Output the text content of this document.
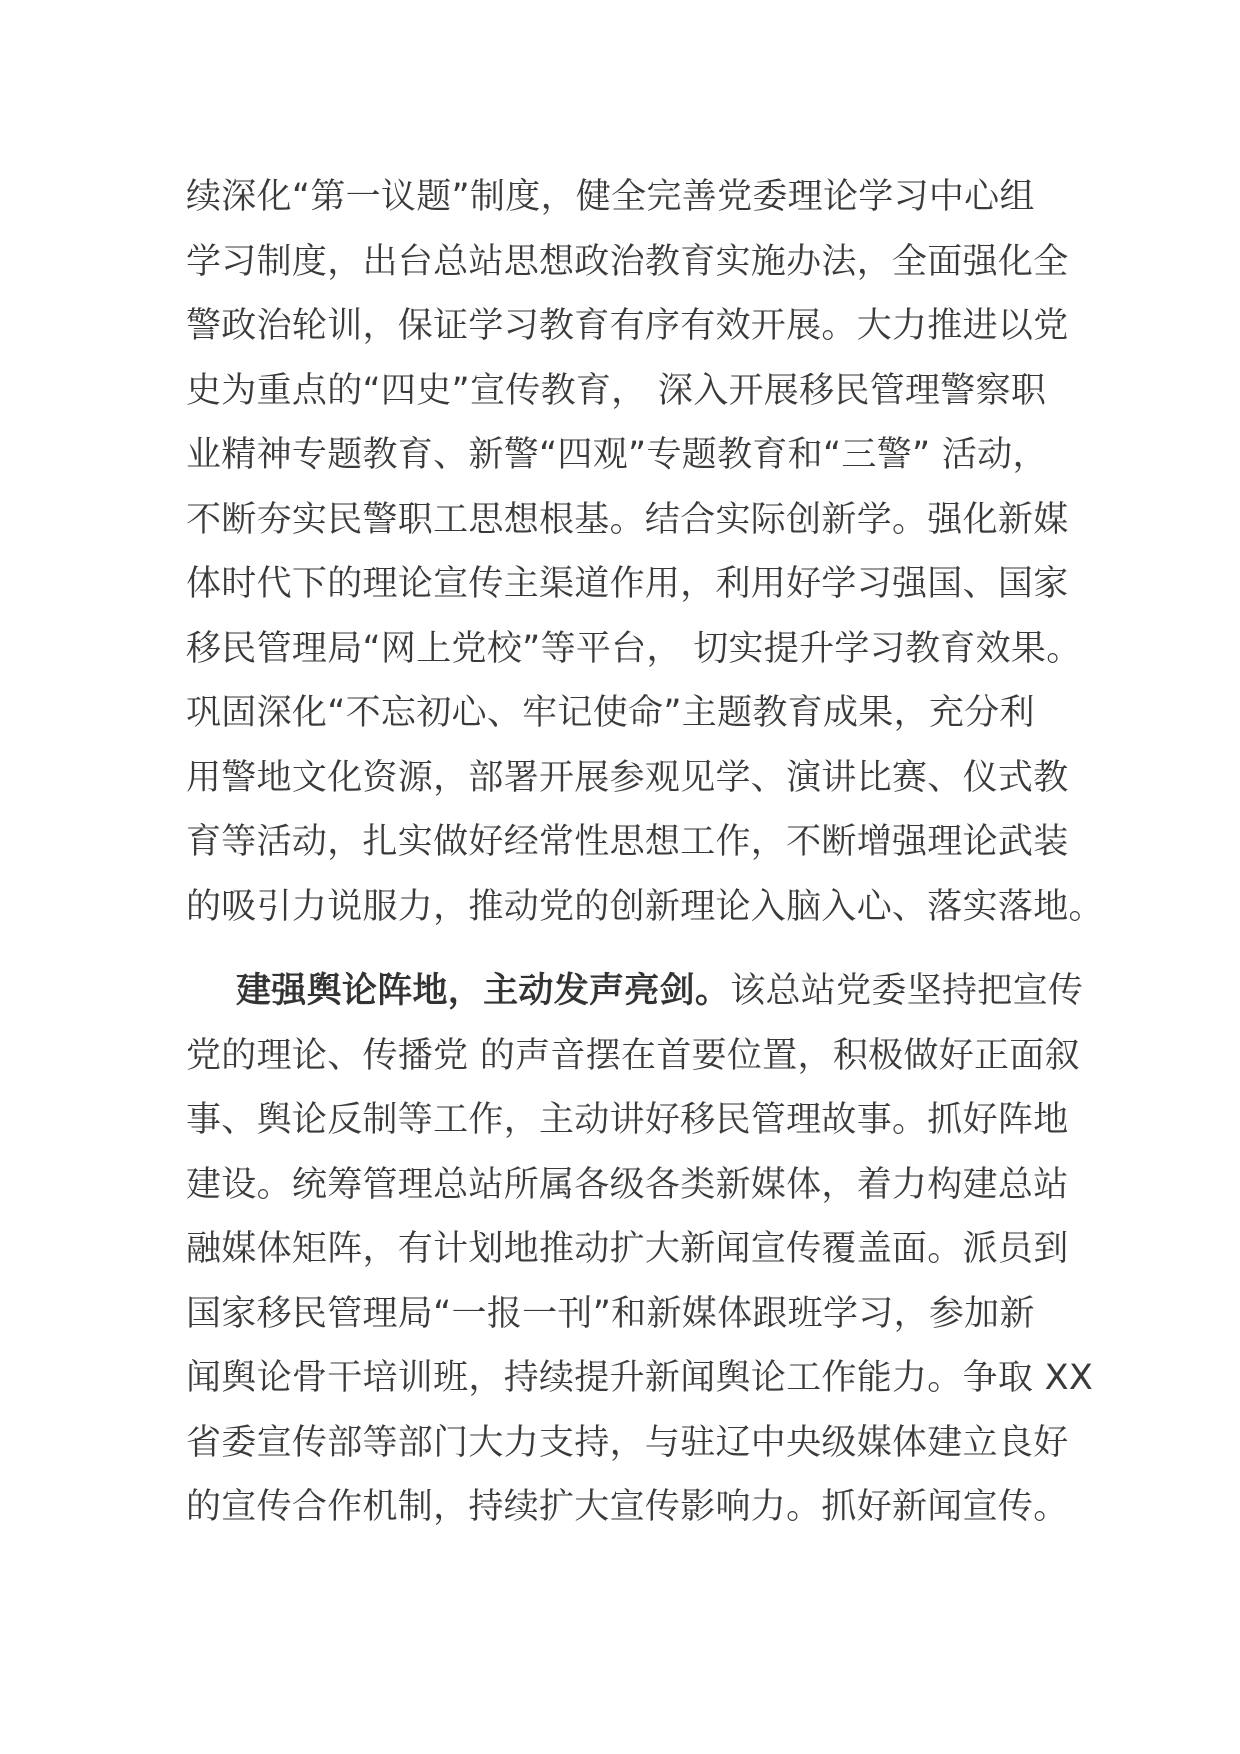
续深化“第一议题”制度，健全完善党委理论学习中心组
学习制度，出台总站思想政治教育实施办法，全面强化全
警政治轮训，保证学习教育有序有效开展。大力推进以党
史为重点的“四史”宣传教育， 深入开展移民管理警察职
业精神专题教育、新警“四观”专题教育和“三警” 活动，
不断夯实民警职工思想根基。结合实际创新学。强化新媒
体时代下的理论宣传主渠道作用，利用好学习强国、国家
移民管理局“网上党校”等平台， 切实提升学习教育效果。
巩固深化“不忘初心、牢记使命”主题教育成果，充分利
用警地文化资源，部署开展参观见学、演讲比赛、仪式教
育等活动，扎实做好经常性思想工作，不断增强理论武装
的吸引力说服力，推动党的创新理论入脑入心、落实落地。
建强舆论阵地，主动发声亮剑。该总站党委坚持把宣传
党的理论、传播党 的声音摆在首要位置，积极做好正面叙
事、舆论反制等工作，主动讲好移民管理故事。抓好阵地
建设。统筹管理总站所属各级各类新媒体，着力构建总站
融媒体矩阵，有计划地推动扩大新闻宣传覆盖面。派员到
国家移民管理局“一报一刊”和新媒体跟班学习，参加新
闻舆论骨干培训班，持续提升新闻舆论工作能力。争取 XX
省委宣传部等部门大力支持，与驻辽中央级媒体建立良好
的宣传合作机制，持续扩大宣传影响力。抓好新闻宣传。
